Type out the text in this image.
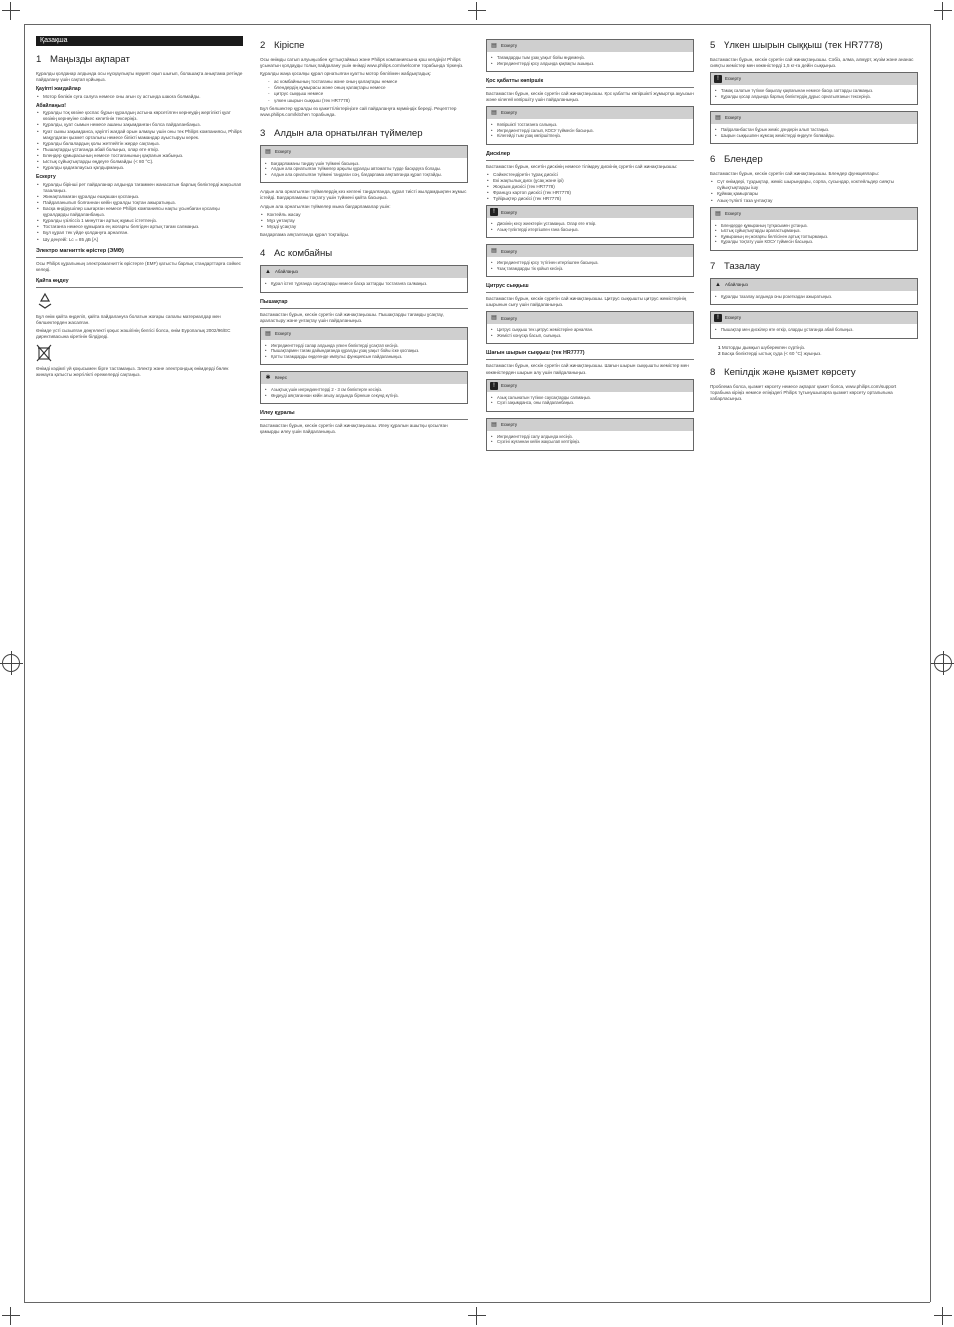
Қазақша
1 Маңызды ақпарат

Құралды қолданар алдында осы нұсқаулықты мұқият оқып шығып, болашақта анықтама ретінде пайдалану үшін сақтап қойыңыз.

Қауіпті жағдайлар
• Мотор бөлікін суға салуға немесе оны ағын су астында шаюға болмайды.
Абайлаңыз!
• Құралды тоқ көзіне қоспас бұрын құралдың астына көрсетілген кернеудің жергілікті қуат көзінің кернеуіне сәйкес келетінін тексеріңіз.
• Құралды, қуат сымын немесе ашаны зақымданған болса пайдаланбаңыз.
• Қуат сымы зақымданса, қауіпті жағдай орын алмауы үшін оны тек Philips компаниясы, Philips мақұлдаған қызмет орталығы немесе білікті мамандар ауыстыруы керек.
• Құралды балалардың қолы жетпейтін жерде сақтаңыз.
• Пышақтарды ұстағанда абай болыңыз, олар өте өткір.
• Блендер құмырасының немесе тостағанының қақпағын жабыңыз.
• Ыстық сұйықтықтарды өңдеуге болмайды (< 80 °C).
• Құралды қадағалаусыз қалдырмаңыз.
Ескерту
• Құралды бірінші рет пайдаланар алдында тағаммен жанасатын барлық бөліктерді жақсылап тазалаңыз.
• Жинақталмаған құралды ешқашан қоспаңыз.
• Пайдаланылып болғаннан кейін құралды тоқтан ажыратыңыз.
• Басқа өндірушілер шығарған немесе Philips компаниясы нақты ұсынбаған қосалқы құралдарды пайдаланбаңыз.
• Құралды үзіліссіз 1 минуттан артық жұмыс істетпеңіз.
• Тостағанға немесе құмыраға ең жоғарғы белгіден артық тағам салмаңыз.
• Бұл құрал тек үйде қолдануға арналған.
• Шу деңгейі: Lc = 85 дБ [A]
Электро магниттік өрістер (ЭМӨ)

Осы Philips құралының электромагниттік өрістерге (ЕМF) қатысты барлық стандарттарға сәйкес келеді.

Қайта өңдеу

Бұл өнім қайта өңделіп, қайта пайдалануға болатын жоғары сапалы материалдар мен бөлшектерден жасалған.

Өнімде үсті сызылған дөңгелекті қоқыс жәшігінің белгісі болса, өнім Еуропалық 2002/96/EC директивасына кіретінін білдіреді.

Өнімді кәдімгі үй қоқысымен бірге тастамаңыз. Электр және электрондық өнімдерді бөлек жинауға қатысты жергілікті ережелерді сақтаңыз.

2 Кіріспе

Осы өнімды сатып алуыңызбен құттықтаймыз және Philips компаниясына қош келдіңіз! Philips ұсынатын қолдауды толық пайдалану үшін өнімді www.philips.com/welcome торабында тіркеңіз.

Құралды жаңа қосалқы құрал орнатылған қуатты мотор бөлігімен жабдықтадық:

- ас комбайнының тостағаны және оның қалақтары немесе
- блендердің құмырасы және оның қалақтары немесе
- цитрус сыққыш немесе
- үлкен шырын сыққыш (тек HR7778)

Бұл бөлшектер құралды өз қажеттіліктеріңізге сай пайдалануға мүмкіндік береді. Рецепттер www.philips.com/kitchen торабында.

3 Алдын ала орнатылған түймелер
▤ Ескерту
• Бағдарламаны таңдау үшін түймені басыңыз.
• Алдын ала орнатылған түймелер арқылы құралды автоматты түрде басқаруға болады.
• Алдын ала орнатылған түймені таңдаған соң, бағдарлама аяқталғанда құрал тоқтайды.

Алдын ала орнатылған түймелердің кез келгені таңдалғанда, құрал тиісті жылдамдықпен жұмыс істейді. Бағдарламаны тоқтату үшін түймені қайта басыңыз.

Алдын ала орнатылған түймелер мына бағдарламалар үшін:

• Коктейль жасау
• Мұз ұнтақтау
• Мүзді ұсақтау

Бағдарлама аяқталғанда құрал тоқтайды.

4 Ас комбайны
▲ Абайлаңыз
• Құрал істеп тұрғанда саусақтарды немесе басқа заттарды тостағанға салмаңыз.
Пышақтар

Бастамастан бұрын, кескін суретін сай жинақтаңызшы. Пышақтарды тағамды ұсақтау, араластыру және ұнтақтау үшін пайдаланыңыз.

▤ Ескерту
• Ингредиенттерді салар алдында үлкен бөліктерді ұсақтап кесіңіз.
• Пышақтармен тағам дайындағанда құралды ұзақ уақыт бойы іске қоспаңыз.
• Қатты тағамдарды өңдегенде импульс функциясын пайдаланыңыз.
✱	Кеңес
• Азықтық үшін ингредиенттерді 2 - 3 см бөліктерге кесіңіз.
• Өңдеуді аяқтағаннан кейін ағызу алдында бірнеше секунд күтіңіз.
Илеу құралы

Бастамастан бұрын, кескін суретін сай жинақтаңызшы. Илеу құралын ашытқы қосылған қамырды илеу үшін пайдаланыңыз.

▤ Ескерту
• Тағамдарды тым ұзақ уақыт бойы өңдемеңіз.
• Ингредиенттерді қосу алдында қақпақты ашыңыз.
Қос қабатты көпіршік

Бастамастан бұрын, кескін суретін сай жинақтаңызшы. Қос қабатты көпіршікті жұмыртқа ақуызын және кілегей көпіршіту үшін пайдаланыңыз.

▤ Ескерту
• Көпіршікті тостағанға салыңыз.
• Ингредиенттерді салып, КОСУ түймесін басыңыз.
• Кілегейді тым ұзақ көпіршітпеңіз.
Дискілер

Бастамастан бұрын, кесетін дискінің немесе тілімдеу дискінің суретін сай жинақтаңызшы:

• Сәйкестендіретін тұрақ дискісі
• Екі жақтылық диск (ұсақ және ірі)
• Жоқсым дискісі (тек HR7778)
• Француз картоп дискісі (тек HR7778)
• Тұйірықтер дискісі (тек HR7778)
!	Ескерту
• Дискінің кесу жиектерін ұстамаңыз. Олар өте өткір.
• Азық-түліктерді итергішпен ғана басыңыз.
▤ Ескерту
• Ингредиенттерді қосу түтігінен итергішпен басыңыз.
• Ұзақ тағамдарды тік қойып кесіңіз.
Цитрус сыққыш

Бастамастан бұрын, кескін суретін сай жинақтаңызшы. Цитрус сыққышты цитрус жемістерінің шырынын сығу үшін пайдаланыңыз.

▤ Ескерту
• Цитрус сыққыш тек цитрус жемістеріне арналған.
• Жемісті конусқа басып, сығыңыз.
Шағын шырын сыққыш (тек HR7777)

Бастамастан бұрын, кескін суретін сай жинақтаңызшы. Шағын шырын сыққышты жемістер мен көкөністерден шырын алу үшін пайдаланыңыз.

!	Ескерту
• Азық салынатын түтікке саусақтарды салмаңыз.
• Сүзгі зақымданса, оны пайдаланбаңыз.
▤ Ескерту
• Ингредиенттерді салу алдында кесіңіз.
• Сүзгіні жуғаннан кейін жақсылап кептіріңіз.
5 Үлкен шырын сыққыш (тек HR7778)

Бастамастан бұрын, кескін суретін сай жинақтаңызшы. Сәбіз, алма, алмұрт, жүзім және ананас сияқты жемістер мен көкөністерді 1,5 кг-ға дейін сыққыңыз.

!	Ескерту
• Тамақ салатын түтікке бақылау қақпағынан немесе басқа заттарды салмаңыз.
• Құралды қосар алдында барлық бөліктердің дұрыс орнатылғанын тексеріңіз.
▤ Ескерту
• Пайдаланбастан бұрын жеміс дәндерін алып тастаңыз.
• Шырын сыққышпен жұмсақ жемістерді өңдеуге болмайды.
6 Блендер

Бастамастан бұрын, кескін суретін сай жинақтаңызшы. Блендер функциялары:

• Сүт өнімдері, тұздықтар, жеміс шырындары, сорпа, сусындар, коктейльдер сияқты сұйықтықтарды ішу
• Құймақ қамырлары
• Азық-түлікті таза ұнтақтау
▤ Ескерту
• Блендерде құмыраның тұтқасымен ұстаңыз.
• Ыстық сұйықтықтарды араластырмаңыз.
• Құмыраның ең жоғарғы белгісінен артық толтырмаңыз.
• Құралды тоқтату үшін КОСУ түймесін басыңыз.
7 Тазалау
▲ Абайлаңыз
• Құралды тазалау алдында оны розеткадан ажыратыңыз.
!	Ескерту
• Пышақтар мен дискілер өте өткір, оларды ұстағанда абай болыңыз.
1 Моторды дымқыл шүберекпен сүртіңіз.
2 Басқа бөліктерді ыстық суда (< 60 °C) жуыңыз.
8 Кепілдік және қызмет көрсету

Проблема болса, қызмет көрсету немесе ақпарат қажет болса, www.philips.com/support торабына кіріңіз немесе еліңіздегі Philips тұтынушыларға қызмет көрсету орталығына хабарласыңыз.
